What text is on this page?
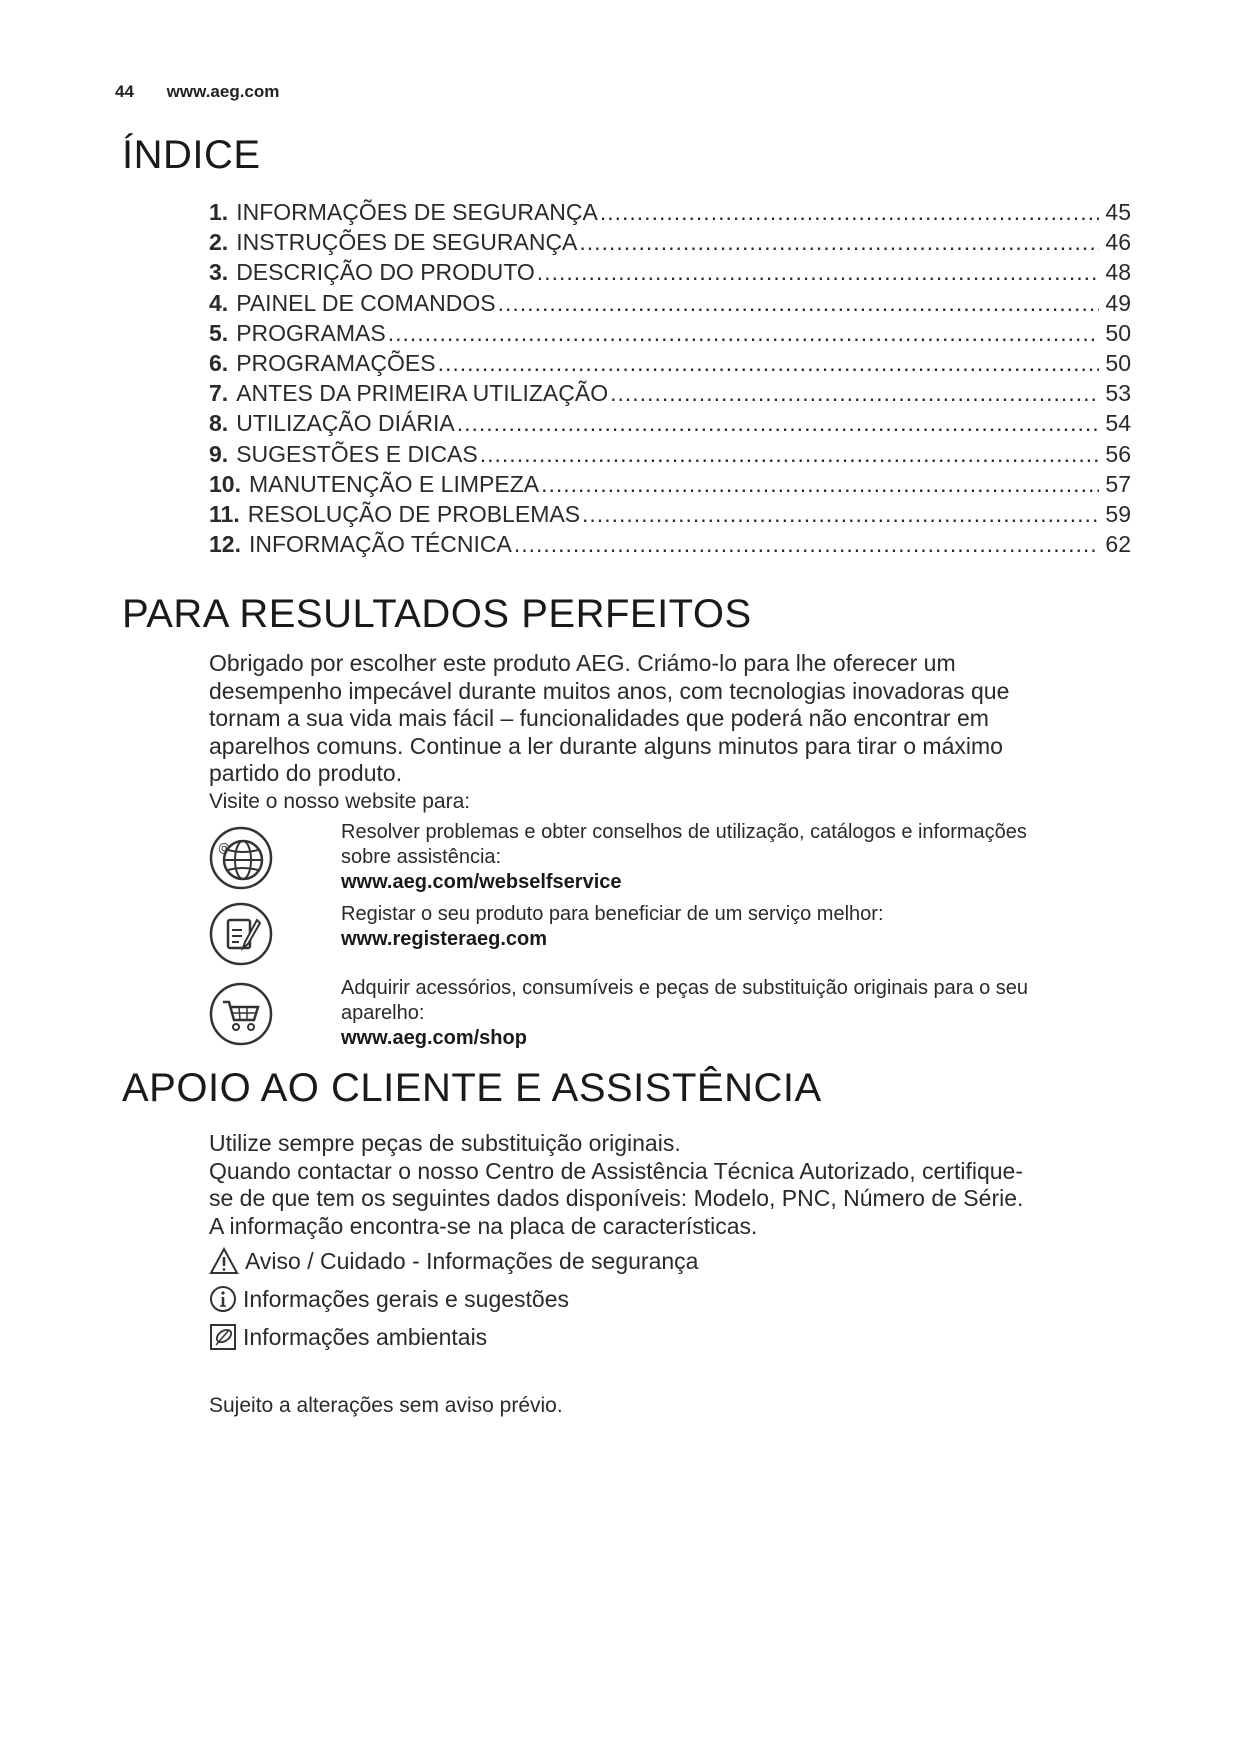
44 www.aeg.com
ÍNDICE
1. INFORMAÇÕES DE SEGURANÇA .....	45
2. INSTRUÇÕES DE SEGURANÇA .....	46
3. DESCRIÇÃO DO PRODUTO .....	48
4. PAINEL DE COMANDOS .....	49
5. PROGRAMAS .....	50
6. PROGRAMAÇÕES .....	50
7. ANTES DA PRIMEIRA UTILIZAÇÃO .....	53
8. UTILIZAÇÃO DIÁRIA .....	54
9. SUGESTÕES E DICAS .....	56
10. MANUTENÇÃO E LIMPEZA .....	57
11. RESOLUÇÃO DE PROBLEMAS .....	59
12. INFORMAÇÃO TÉCNICA .....	62
PARA RESULTADOS PERFEITOS
Obrigado por escolher este produto AEG. Criámo-lo para lhe oferecer um
desempenho impecável durante muitos anos, com tecnologias inovadoras que
tornam a sua vida mais fácil – funcionalidades que poderá não encontrar em
aparelhos comuns. Continue a ler durante alguns minutos para tirar o máximo
partido do produto.
Visite o nosso website para:
@
Resolver problemas e obter conselhos de utilização, catálogos e informações
sobre assistência:
www.aeg.com/webselfservice
Registar o seu produto para beneficiar de um serviço melhor:
www.registeraeg.com
Adquirir acessórios, consumíveis e peças de substituição originais para o seu
aparelho:
www.aeg.com/shop
APOIO AO CLIENTE E ASSISTÊNCIA
Utilize sempre peças de substituição originais.
Quando contactar o nosso Centro de Assistência Técnica Autorizado, certifique-
se de que tem os seguintes dados disponíveis: Modelo, PNC, Número de Série.
A informação encontra-se na placa de características.
Aviso / Cuidado - Informações de segurança
Informações gerais e sugestões
Informações ambientais
Sujeito a alterações sem aviso prévio.
